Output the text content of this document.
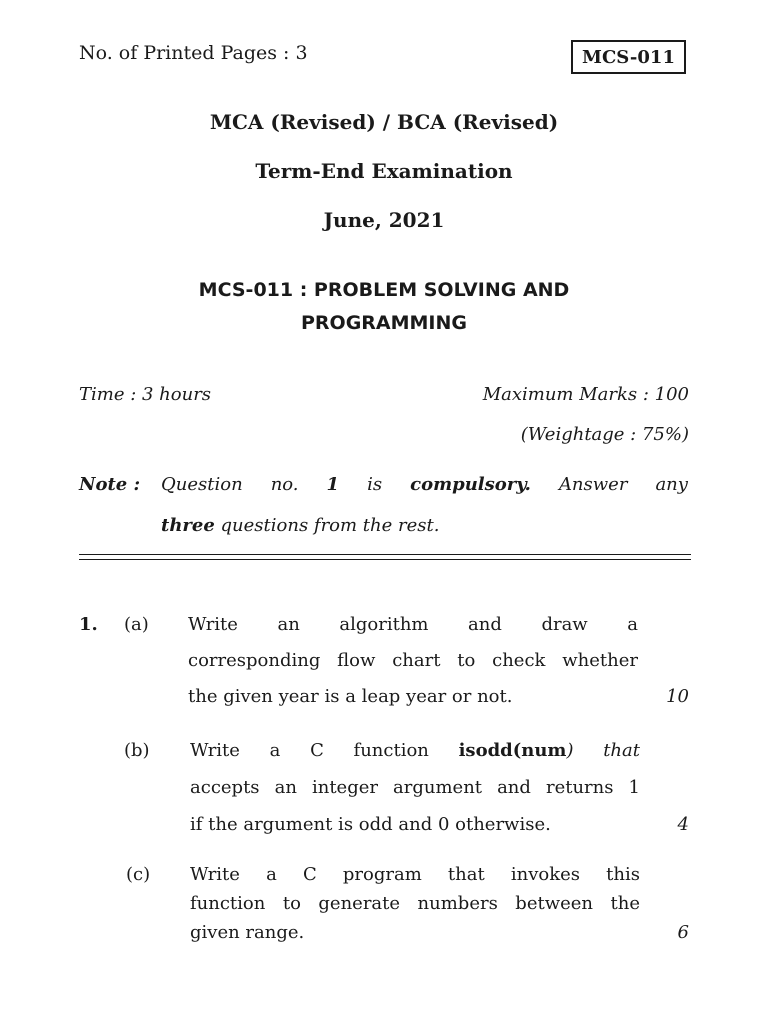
No. of Printed Pages : 3	MCS-011
MCA (Revised) / BCA (Revised)
Term-End Examination
June, 2021
MCS-011 : PROBLEM SOLVING AND
PROGRAMMING
Time : 3 hours	Maximum Marks : 100
(Weightage : 75%)
Note : Question no. 1 is compulsory. Answer any
three questions from the rest.
1. (a) Write an algorithm and draw a
corresponding flow chart to check whether
the given year is a leap year or not.	10
(b) Write a C function isodd(num) that
accepts an integer argument and returns 1
if the argument is odd and 0 otherwise.	4
(c) Write a C program that invokes this
function to generate numbers between the
given range.	6
